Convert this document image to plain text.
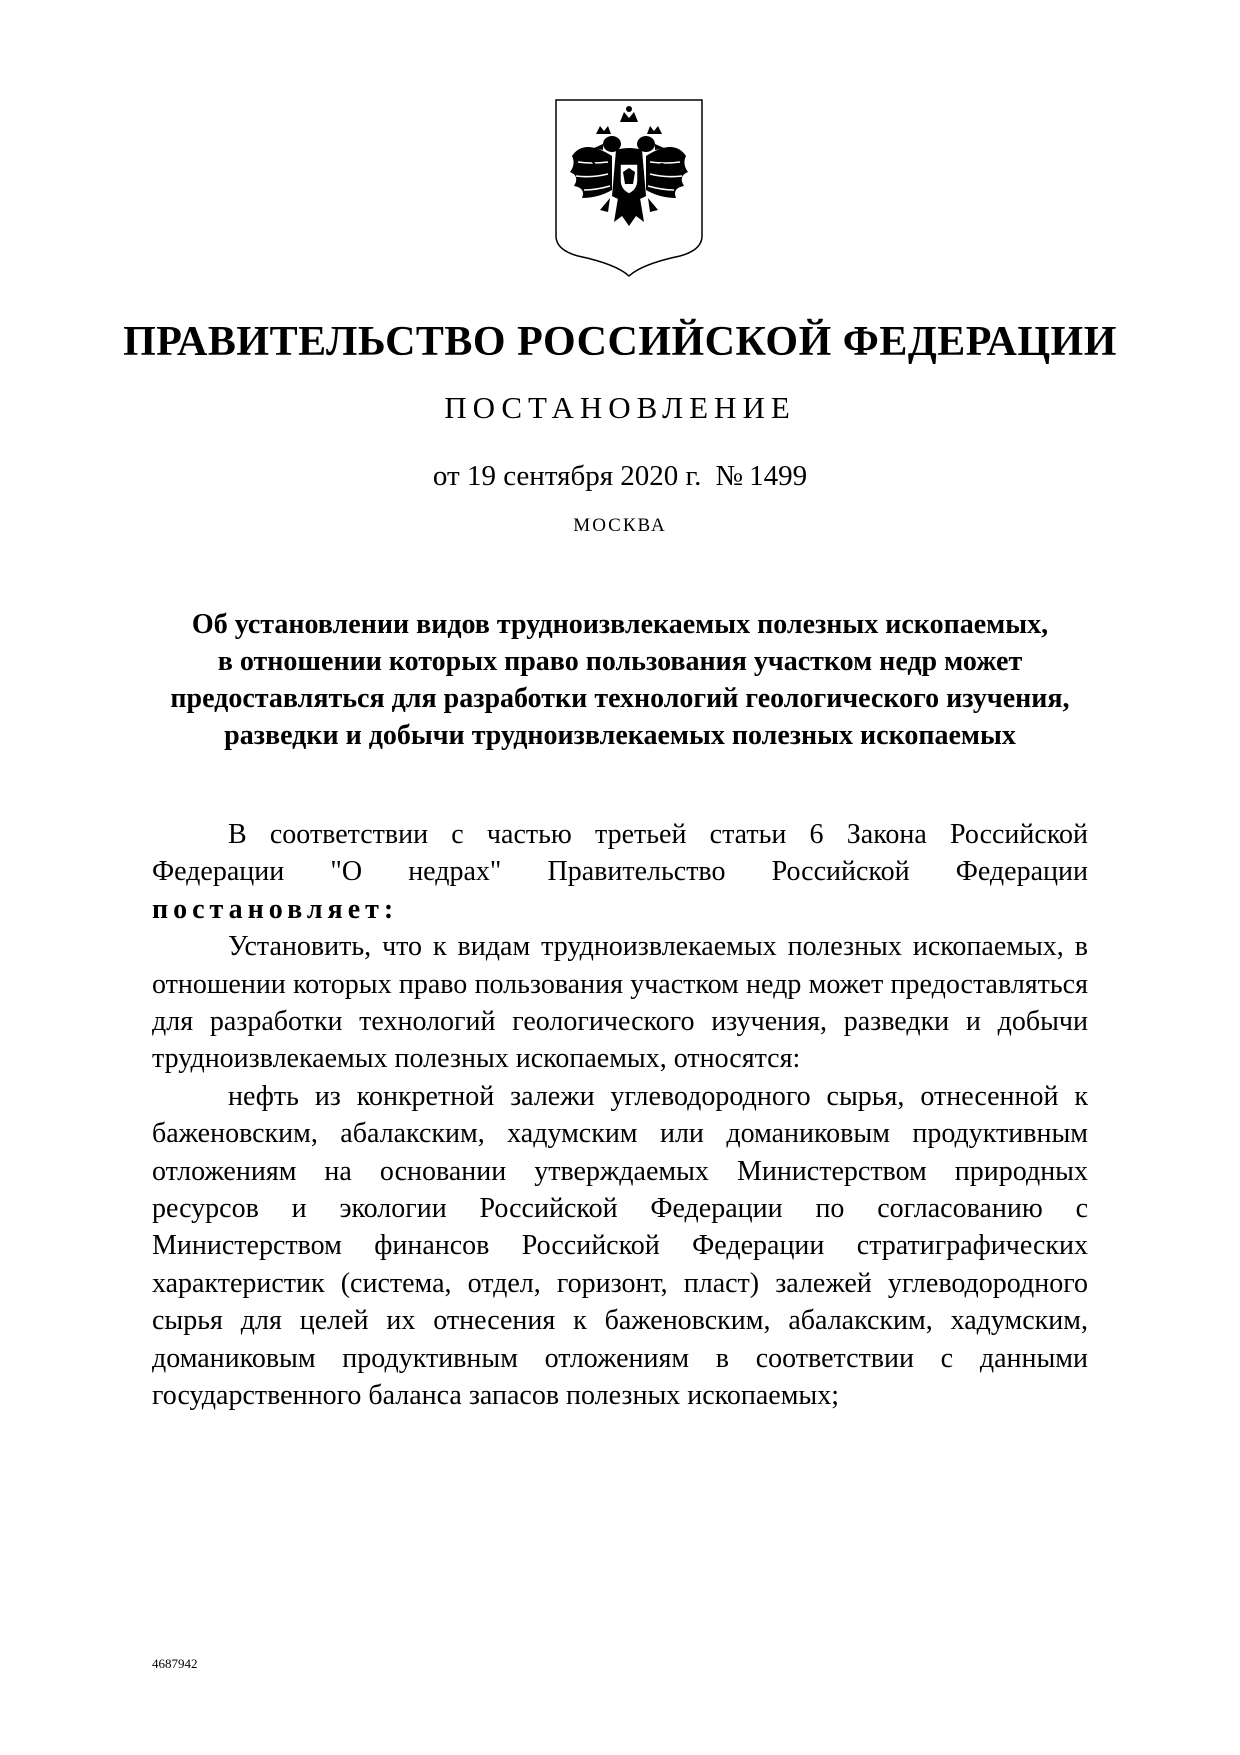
ПРАВИТЕЛЬСТВО РОССИЙСКОЙ ФЕДЕРАЦИИ
ПОСТАНОВЛЕНИЕ
от 19 сентября 2020 г. № 1499
МОСКВА
Об установлении видов трудноизвлекаемых полезных ископаемых,
в отношении которых право пользования участком недр может
предоставляться для разработки технологий геологического изучения,
разведки и добычи трудноизвлекаемых полезных ископаемых

В соответствии с частью третьей статьи 6 Закона Российской Федерации "О недрах" Правительство Российской Федерации постановляет:

Установить, что к видам трудноизвлекаемых полезных ископаемых, в отношении которых право пользования участком недр может предоставляться для разработки технологий геологического изучения, разведки и добычи трудноизвлекаемых полезных ископаемых, относятся:

нефть из конкретной залежи углеводородного сырья, отнесенной к баженовским, абалакским, хадумским или доманиковым продуктивным отложениям на основании утверждаемых Министерством природных ресурсов и экологии Российской Федерации по согласованию с Министерством финансов Российской Федерации стратиграфических характеристик (система, отдел, горизонт, пласт) залежей углеводородного сырья для целей их отнесения к баженовским, абалакским, хадумским, доманиковым продуктивным отложениям в соответствии с данными государственного баланса запасов полезных ископаемых;

4687942
